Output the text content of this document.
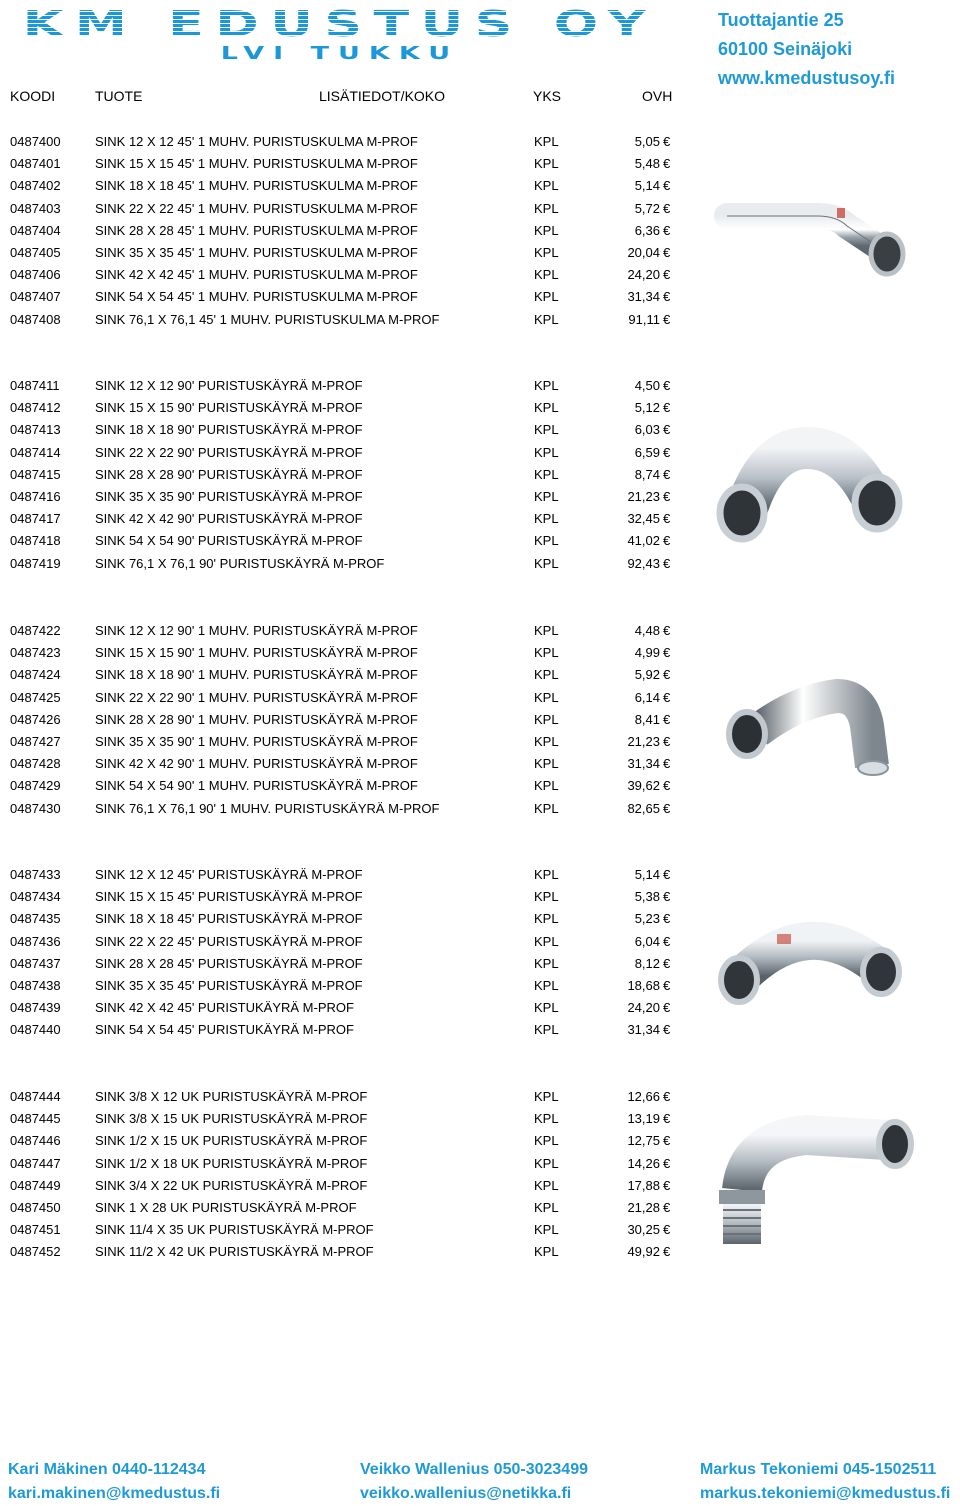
KM EDUSTUS OY
LVI TUKKU
Tuottajantie 25
60100 Seinäjoki
www.kmedustusoy.fi
KOODI	TUOTE	LISÄTIEDOT/KOKO	YKS	OVH
0487400	SINK 12 X 12 45' 1 MUHV. PURISTUSKULMA M-PROF	KPL	5,05 €
0487401	SINK 15 X 15 45' 1 MUHV. PURISTUSKULMA M-PROF	KPL	5,48 €
0487402	SINK 18 X 18 45' 1 MUHV. PURISTUSKULMA M-PROF	KPL	5,14 €
0487403	SINK 22 X 22 45' 1 MUHV. PURISTUSKULMA M-PROF	KPL	5,72 €
0487404	SINK 28 X 28 45' 1 MUHV. PURISTUSKULMA M-PROF	KPL	6,36 €
0487405	SINK 35 X 35 45' 1 MUHV. PURISTUSKULMA M-PROF	KPL	20,04 €
0487406	SINK 42 X 42 45' 1 MUHV. PURISTUSKULMA M-PROF	KPL	24,20 €
0487407	SINK 54 X 54 45' 1 MUHV. PURISTUSKULMA M-PROF	KPL	31,34 €
0487408	SINK 76,1 X 76,1 45' 1 MUHV. PURISTUSKULMA M-PROF	KPL	91,11 €
0487411	SINK 12 X 12 90' PURISTUSKÄYRÄ M-PROF	KPL	4,50 €
0487412	SINK 15 X 15 90' PURISTUSKÄYRÄ M-PROF	KPL	5,12 €
0487413	SINK 18 X 18 90' PURISTUSKÄYRÄ M-PROF	KPL	6,03 €
0487414	SINK 22 X 22 90' PURISTUSKÄYRÄ M-PROF	KPL	6,59 €
0487415	SINK 28 X 28 90' PURISTUSKÄYRÄ M-PROF	KPL	8,74 €
0487416	SINK 35 X 35 90' PURISTUSKÄYRÄ M-PROF	KPL	21,23 €
0487417	SINK 42 X 42 90' PURISTUSKÄYRÄ M-PROF	KPL	32,45 €
0487418	SINK 54 X 54 90' PURISTUSKÄYRÄ M-PROF	KPL	41,02 €
0487419	SINK 76,1 X 76,1 90' PURISTUSKÄYRÄ M-PROF	KPL	92,43 €
0487422	SINK 12 X 12 90' 1 MUHV. PURISTUSKÄYRÄ M-PROF	KPL	4,48 €
0487423	SINK 15 X 15 90' 1 MUHV. PURISTUSKÄYRÄ M-PROF	KPL	4,99 €
0487424	SINK 18 X 18 90' 1 MUHV. PURISTUSKÄYRÄ M-PROF	KPL	5,92 €
0487425	SINK 22 X 22 90' 1 MUHV. PURISTUSKÄYRÄ M-PROF	KPL	6,14 €
0487426	SINK 28 X 28 90' 1 MUHV. PURISTUSKÄYRÄ M-PROF	KPL	8,41 €
0487427	SINK 35 X 35 90' 1 MUHV. PURISTUSKÄYRÄ M-PROF	KPL	21,23 €
0487428	SINK 42 X 42 90' 1 MUHV. PURISTUSKÄYRÄ M-PROF	KPL	31,34 €
0487429	SINK 54 X 54 90' 1 MUHV. PURISTUSKÄYRÄ M-PROF	KPL	39,62 €
0487430	SINK 76,1 X 76,1 90' 1 MUHV. PURISTUSKÄYRÄ M-PROF	KPL	82,65 €
0487433	SINK 12 X 12 45' PURISTUSKÄYRÄ M-PROF	KPL	5,14 €
0487434	SINK 15 X 15 45' PURISTUSKÄYRÄ M-PROF	KPL	5,38 €
0487435	SINK 18 X 18 45' PURISTUSKÄYRÄ M-PROF	KPL	5,23 €
0487436	SINK 22 X 22 45' PURISTUSKÄYRÄ M-PROF	KPL	6,04 €
0487437	SINK 28 X 28 45' PURISTUSKÄYRÄ M-PROF	KPL	8,12 €
0487438	SINK 35 X 35 45' PURISTUSKÄYRÄ M-PROF	KPL	18,68 €
0487439	SINK 42 X 42 45' PURISTUKÄYRÄ M-PROF	KPL	24,20 €
0487440	SINK 54 X 54 45' PURISTUKÄYRÄ M-PROF	KPL	31,34 €
0487444	SINK 3/8 X 12 UK PURISTUSKÄYRÄ M-PROF	KPL	12,66 €
0487445	SINK 3/8 X 15 UK PURISTUSKÄYRÄ M-PROF	KPL	13,19 €
0487446	SINK 1/2 X 15 UK PURISTUSKÄYRÄ M-PROF	KPL	12,75 €
0487447	SINK 1/2 X 18 UK PURISTUSKÄYRÄ M-PROF	KPL	14,26 €
0487449	SINK 3/4 X 22 UK PURISTUSKÄYRÄ M-PROF	KPL	17,88 €
0487450	SINK 1 X 28 UK PURISTUSKÄYRÄ M-PROF	KPL	21,28 €
0487451	SINK 11/4 X 35 UK PURISTUSKÄYRÄ M-PROF	KPL	30,25 €
0487452	SINK 11/2 X 42 UK PURISTUSKÄYRÄ M-PROF	KPL	49,92 €
Kari Mäkinen 0440-112434
kari.makinen@kmedustus.fi
Veikko Wallenius 050-3023499
veikko.wallenius@netikka.fi
Markus Tekoniemi 045-1502511
markus.tekoniemi@kmedustus.fi
